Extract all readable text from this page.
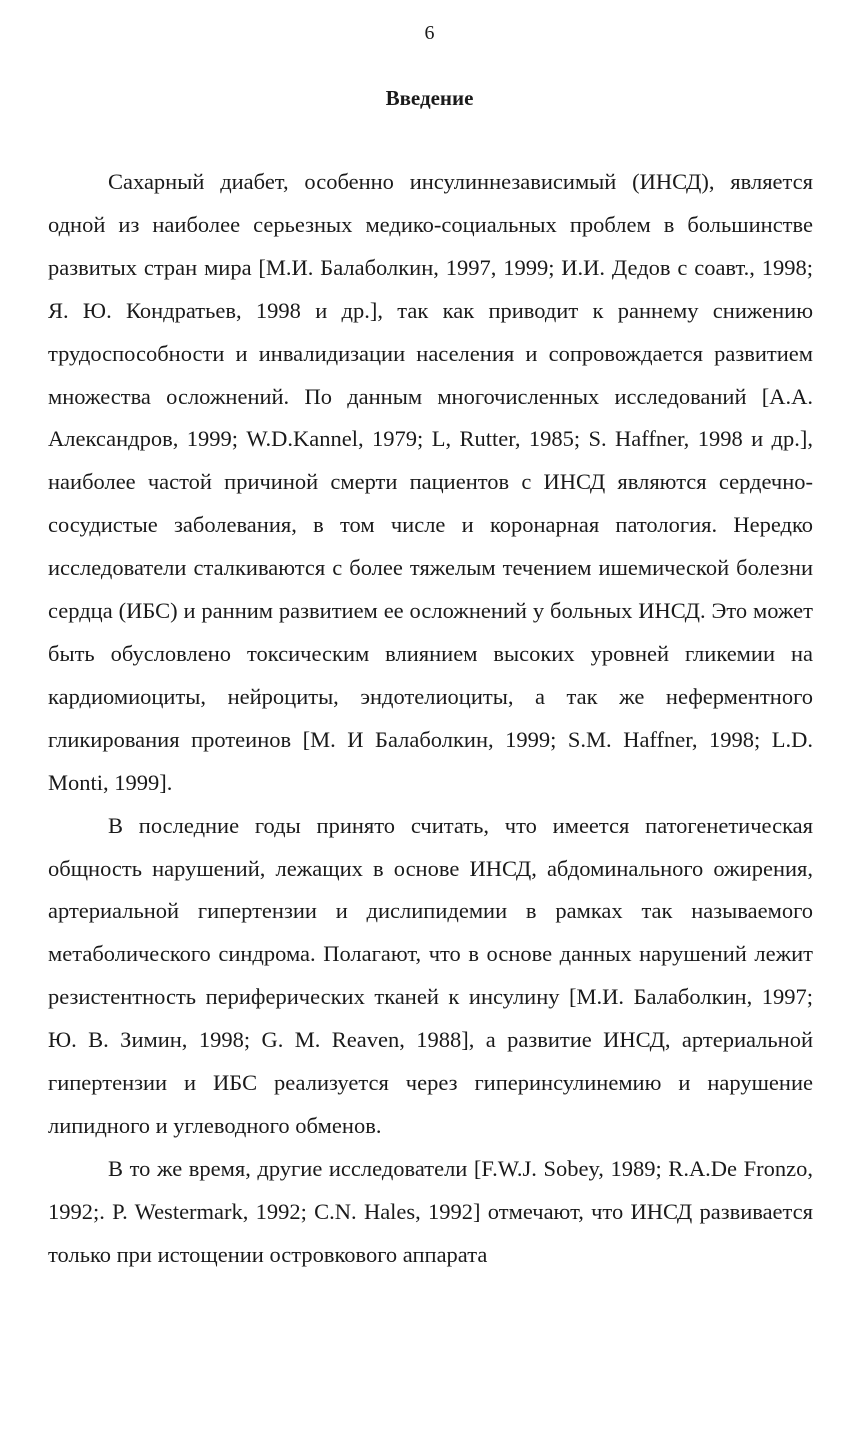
6
Введение

Сахарный диабет, особенно инсулиннезависимый (ИНСД), является одной из наиболее серьезных медико-социальных проблем в большинстве развитых стран мира [М.И. Балаболкин, 1997, 1999; И.И. Дедов с соавт., 1998; Я. Ю. Кондратьев, 1998 и др.], так как приводит к раннему снижению трудоспособности и инвалидизации населения и сопровождается развитием множества осложнений. По данным многочисленных исследований [А.А. Александров, 1999; W.D.Kannel, 1979; L, Rutter, 1985; S. Haffner, 1998 и др.], наиболее частой причиной смерти пациентов с ИНСД являются сердечно-сосудистые заболевания, в том числе и коронарная патология. Нередко исследователи сталкиваются с более тяжелым течением ишемической болезни сердца (ИБС) и ранним развитием ее осложнений у больных ИНСД. Это может быть обусловлено токсическим влиянием высоких уровней гликемии на кардиомиоциты, нейроциты, эндотелиоциты, а так же неферментного гликирования протеинов [М. И Балаболкин, 1999; S.M. Haffner, 1998; L.D. Monti, 1999].

В последние годы принято считать, что имеется патогенетическая общность нарушений, лежащих в основе ИНСД, абдоминального ожирения, артериальной гипертензии и дислипидемии в рамках так называемого метаболического синдрома. Полагают, что в основе данных нарушений лежит резистентность периферических тканей к инсулину [М.И. Балаболкин, 1997; Ю. В. Зимин, 1998; G. M. Reaven, 1988], а развитие ИНСД, артериальной гипертензии и ИБС реализуется через гиперинсулинемию и нарушение липидного и углеводного обменов.

В то же время, другие исследователи [F.W.J. Sobey, 1989; R.A.De Fronzo, 1992;. P. Westermark, 1992; C.N. Hales, 1992] отмечают, что ИНСД развивается только при истощении островкового аппарата
